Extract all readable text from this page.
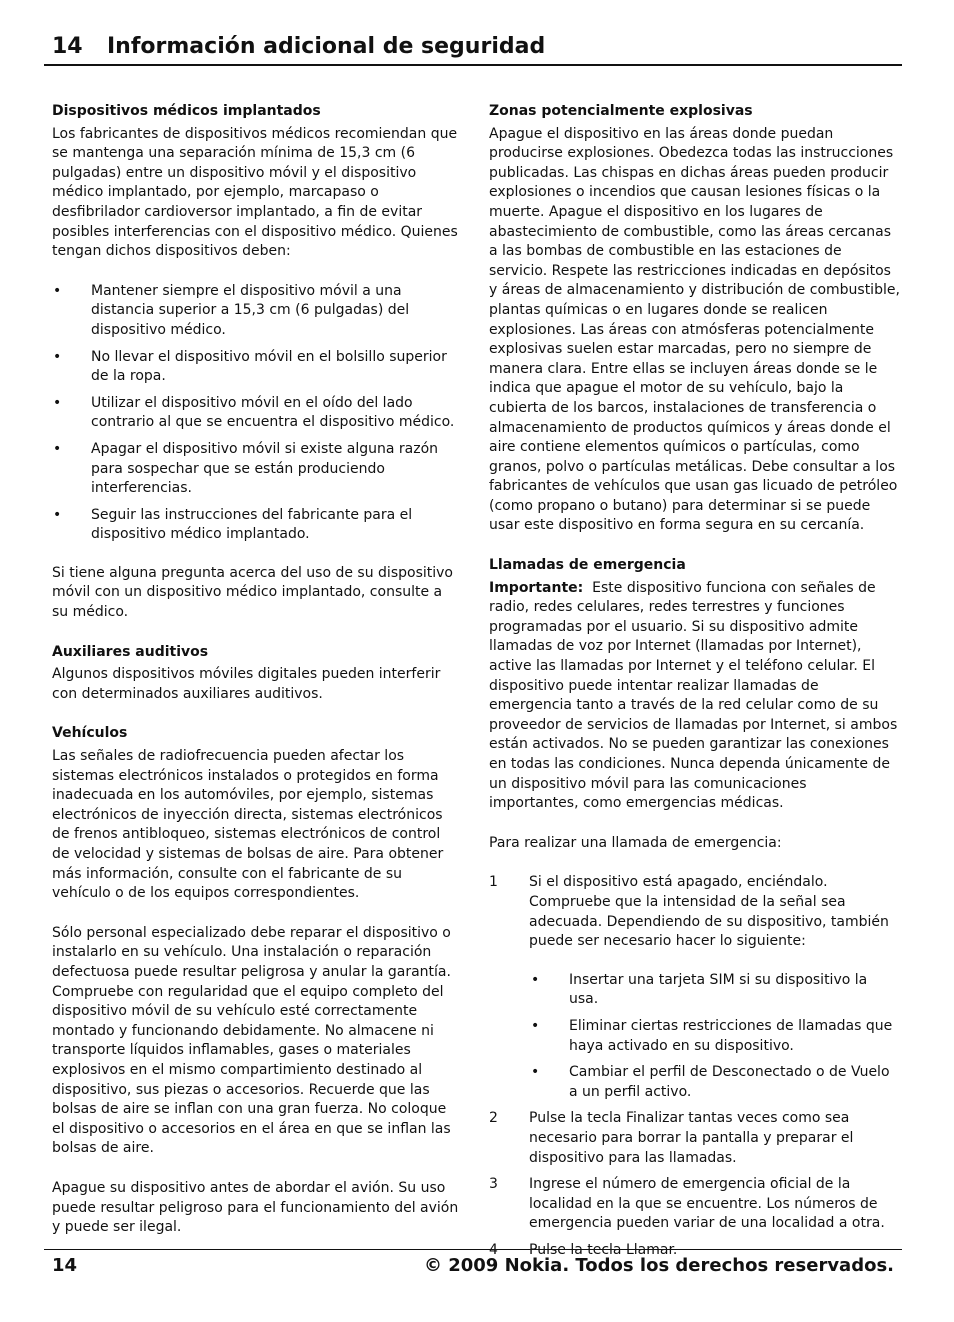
14 Información adicional de seguridad
Dispositivos médicos implantados

Los fabricantes de dispositivos médicos recomiendan que se mantenga una separación mínima de 15,3 cm (6 pulgadas) entre un dispositivo móvil y el dispositivo médico implantado, por ejemplo, marcapaso o desfibrilador cardioversor implantado, a fin de evitar posibles interferencias con el dispositivo médico. Quienes tengan dichos dispositivos deben:

• Mantener siempre el dispositivo móvil a una distancia superior a 15,3 cm (6 pulgadas) del dispositivo médico.
• No llevar el dispositivo móvil en el bolsillo superior de la ropa.
• Utilizar el dispositivo móvil en el oído del lado contrario al que se encuentra el dispositivo médico.
• Apagar el dispositivo móvil si existe alguna razón para sospechar que se están produciendo interferencias.
• Seguir las instrucciones del fabricante para el dispositivo médico implantado.

Si tiene alguna pregunta acerca del uso de su dispositivo móvil con un dispositivo médico implantado, consulte a su médico.

Auxiliares auditivos

Algunos dispositivos móviles digitales pueden interferir con determinados auxiliares auditivos.

Vehículos

Las señales de radiofrecuencia pueden afectar los sistemas electrónicos instalados o protegidos en forma inadecuada en los automóviles, por ejemplo, sistemas electrónicos de inyección directa, sistemas electrónicos de frenos antibloqueo, sistemas electrónicos de control de velocidad y sistemas de bolsas de aire. Para obtener más información, consulte con el fabricante de su vehículo o de los equipos correspondientes.

Sólo personal especializado debe reparar el dispositivo o instalarlo en su vehículo. Una instalación o reparación defectuosa puede resultar peligrosa y anular la garantía. Compruebe con regularidad que el equipo completo del dispositivo móvil de su vehículo esté correctamente montado y funcionando debidamente. No almacene ni transporte líquidos inflamables, gases o materiales explosivos en el mismo compartimiento destinado al dispositivo, sus piezas o accesorios. Recuerde que las bolsas de aire se inflan con una gran fuerza. No coloque el dispositivo o accesorios en el área en que se inflan las bolsas de aire.

Apague su dispositivo antes de abordar el avión. Su uso puede resultar peligroso para el funcionamiento del avión y puede ser ilegal.

Zonas potencialmente explosivas

Apague el dispositivo en las áreas donde puedan producirse explosiones. Obedezca todas las instrucciones publicadas. Las chispas en dichas áreas pueden producir explosiones o incendios que causan lesiones físicas o la muerte. Apague el dispositivo en los lugares de abastecimiento de combustible, como las áreas cercanas a las bombas de combustible en las estaciones de servicio. Respete las restricciones indicadas en depósitos y áreas de almacenamiento y distribución de combustible, plantas químicas o en lugares donde se realicen explosiones. Las áreas con atmósferas potencialmente explosivas suelen estar marcadas, pero no siempre de manera clara. Entre ellas se incluyen áreas donde se le indica que apague el motor de su vehículo, bajo la cubierta de los barcos, instalaciones de transferencia o almacenamiento de productos químicos y áreas donde el aire contiene elementos químicos o partículas, como granos, polvo o partículas metálicas. Debe consultar a los fabricantes de vehículos que usan gas licuado de petróleo (como propano o butano) para determinar si se puede usar este dispositivo en forma segura en su cercanía.

Llamadas de emergencia

Importante: Este dispositivo funciona con señales de radio, redes celulares, redes terrestres y funciones programadas por el usuario. Si su dispositivo admite llamadas de voz por Internet (llamadas por Internet), active las llamadas por Internet y el teléfono celular. El dispositivo puede intentar realizar llamadas de emergencia tanto a través de la red celular como de su proveedor de servicios de llamadas por Internet, si ambos están activados. No se pueden garantizar las conexiones en todas las condiciones. Nunca dependa únicamente de un dispositivo móvil para las comunicaciones importantes, como emergencias médicas.

Para realizar una llamada de emergencia:

1 Si el dispositivo está apagado, enciéndalo. Compruebe que la intensidad de la señal sea adecuada. Dependiendo de su dispositivo, también puede ser necesario hacer lo siguiente:
• Insertar una tarjeta SIM si su dispositivo la usa.
• Eliminar ciertas restricciones de llamadas que haya activado en su dispositivo.
• Cambiar el perfil de Desconectado o de Vuelo a un perfil activo.
2 Pulse la tecla Finalizar tantas veces como sea necesario para borrar la pantalla y preparar el dispositivo para las llamadas.
3 Ingrese el número de emergencia oficial de la localidad en la que se encuentre. Los números de emergencia pueden variar de una localidad a otra.
4 Pulse la tecla Llamar.
14	© 2009 Nokia. Todos los derechos reservados.
